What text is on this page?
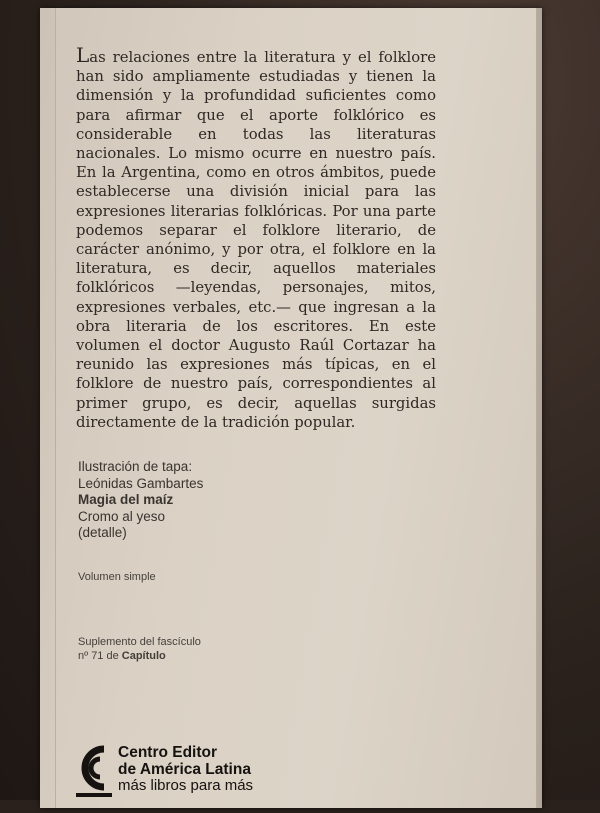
Las relaciones entre la literatura y el folklore han sido ampliamente estudiadas y tienen la dimensión y la profundidad suficientes como para afirmar que el aporte folklórico es considerable en todas las literaturas nacionales. Lo mismo ocurre en nuestro país. En la Argentina, como en otros ámbitos, puede establecerse una división inicial para las expresiones literarias folklóricas. Por una parte podemos separar el folklore literario, de carácter anónimo, y por otra, el folklore en la literatura, es decir, aquellos materiales folklóricos —leyendas, personajes, mitos, expresiones verbales, etc.— que ingresan a la obra literaria de los escritores. En este volumen el doctor Augusto Raúl Cortazar ha reunido las expresiones más típicas, en el folklore de nuestro país, correspondientes al primer grupo, es decir, aquellas surgidas directamente de la tradición popular.

Ilustración de tapa:
Leónidas Gambartes
Magia del maíz
Cromo al yeso
(detalle)
Volumen simple
Suplemento del fascículo
nº 71 de Capítulo
Centro Editor
de América Latina
más libros para más
